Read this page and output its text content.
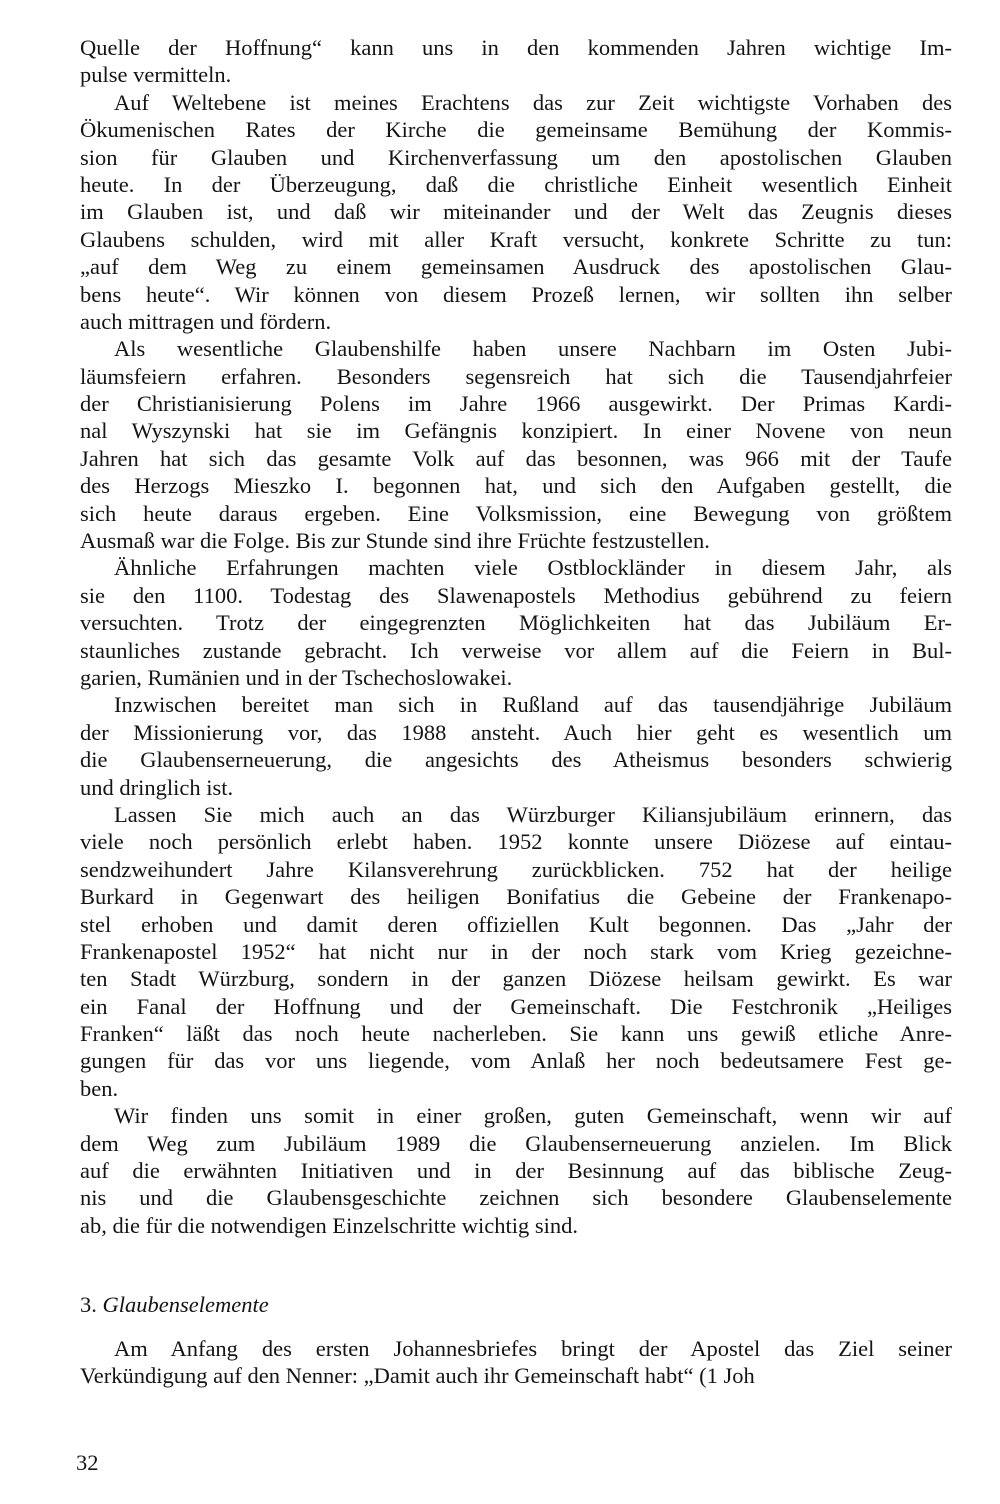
Quelle der Hoffnung“ kann uns in den kommenden Jahren wichtige Im-
pulse vermitteln.
Auf Weltebene ist meines Erachtens das zur Zeit wichtigste Vorhaben des
Ökumenischen Rates der Kirche die gemeinsame Bemühung der Kommis-
sion für Glauben und Kirchenverfassung um den apostolischen Glauben
heute. In der Überzeugung, daß die christliche Einheit wesentlich Einheit
im Glauben ist, und daß wir miteinander und der Welt das Zeugnis dieses
Glaubens schulden, wird mit aller Kraft versucht, konkrete Schritte zu tun:
„auf dem Weg zu einem gemeinsamen Ausdruck des apostolischen Glau-
bens heute“. Wir können von diesem Prozeß lernen, wir sollten ihn selber
auch mittragen und fördern.
Als wesentliche Glaubenshilfe haben unsere Nachbarn im Osten Jubi-
läumsfeiern erfahren. Besonders segensreich hat sich die Tausendjahrfeier
der Christianisierung Polens im Jahre 1966 ausgewirkt. Der Primas Kardi-
nal Wyszynski hat sie im Gefängnis konzipiert. In einer Novene von neun
Jahren hat sich das gesamte Volk auf das besonnen, was 966 mit der Taufe
des Herzogs Mieszko I. begonnen hat, und sich den Aufgaben gestellt, die
sich heute daraus ergeben. Eine Volksmission, eine Bewegung von größtem
Ausmaß war die Folge. Bis zur Stunde sind ihre Früchte festzustellen.
Ähnliche Erfahrungen machten viele Ostblockländer in diesem Jahr, als
sie den 1100. Todestag des Slawenapostels Methodius gebührend zu feiern
versuchten. Trotz der eingegrenzten Möglichkeiten hat das Jubiläum Er-
staunliches zustande gebracht. Ich verweise vor allem auf die Feiern in Bul-
garien, Rumänien und in der Tschechoslowakei.
Inzwischen bereitet man sich in Rußland auf das tausendjährige Jubiläum
der Missionierung vor, das 1988 ansteht. Auch hier geht es wesentlich um
die Glaubenserneuerung, die angesichts des Atheismus besonders schwierig
und dringlich ist.
Lassen Sie mich auch an das Würzburger Kiliansjubiläum erinnern, das
viele noch persönlich erlebt haben. 1952 konnte unsere Diözese auf eintau-
sendzweihundert Jahre Kilansverehrung zurückblicken. 752 hat der heilige
Burkard in Gegenwart des heiligen Bonifatius die Gebeine der Frankenapo-
stel erhoben und damit deren offiziellen Kult begonnen. Das „Jahr der
Frankenapostel 1952“ hat nicht nur in der noch stark vom Krieg gezeichne-
ten Stadt Würzburg, sondern in der ganzen Diözese heilsam gewirkt. Es war
ein Fanal der Hoffnung und der Gemeinschaft. Die Festchronik „Heiliges
Franken“ läßt das noch heute nacherleben. Sie kann uns gewiß etliche Anre-
gungen für das vor uns liegende, vom Anlaß her noch bedeutsamere Fest ge-
ben.
Wir finden uns somit in einer großen, guten Gemeinschaft, wenn wir auf
dem Weg zum Jubiläum 1989 die Glaubenserneuerung anzielen. Im Blick
auf die erwähnten Initiativen und in der Besinnung auf das biblische Zeug-
nis und die Glaubensgeschichte zeichnen sich besondere Glaubenselemente
ab, die für die notwendigen Einzelschritte wichtig sind.
3. Glaubenselemente
Am Anfang des ersten Johannesbriefes bringt der Apostel das Ziel seiner
Verkündigung auf den Nenner: „Damit auch ihr Gemeinschaft habt“ (1 Joh
32
